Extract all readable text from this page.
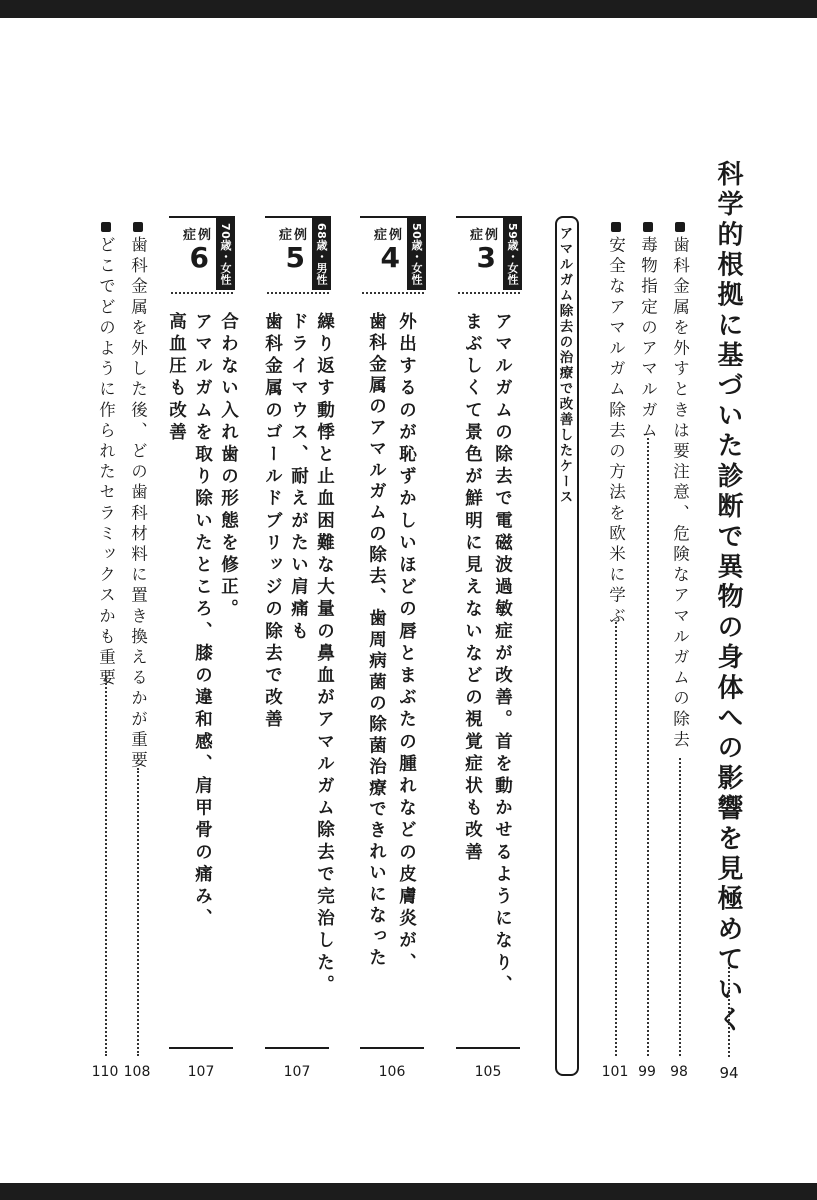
科学的根拠に基づいた診断で異物の身体への影響を見極めていく
94
歯科金属を外すときは要注意、危険なアマルガムの除去
98
毒物指定のアマルガム
99
安全なアマルガム除去の方法を欧米に学ぶ
101
アマルガム除去の治療で改善したケース
59歳・女性
症例
3
アマルガムの除去で電磁波過敏症が改善。首を動かせるようになり、
まぶしくて景色が鮮明に見えないなどの視覚症状も改善
105
50歳・女性
症例
4
外出するのが恥ずかしいほどの唇とまぶたの腫れなどの皮膚炎が、
歯科金属のアマルガムの除去、歯周病菌の除菌治療できれいになった
106
68歳・男性
症例
5
繰り返す動悸と止血困難な大量の鼻血がアマルガム除去で完治した。
ドライマウス、耐えがたい肩痛も
歯科金属のゴールドブリッジの除去で改善
107
70歳・女性
症例
6
合わない入れ歯の形態を修正。
アマルガムを取り除いたところ、膝の違和感、肩甲骨の痛み、
高血圧も改善
107
歯科金属を外した後、どの歯科材料に置き換えるかが重要
108
どこでどのように作られたセラミックスかも重要
110
